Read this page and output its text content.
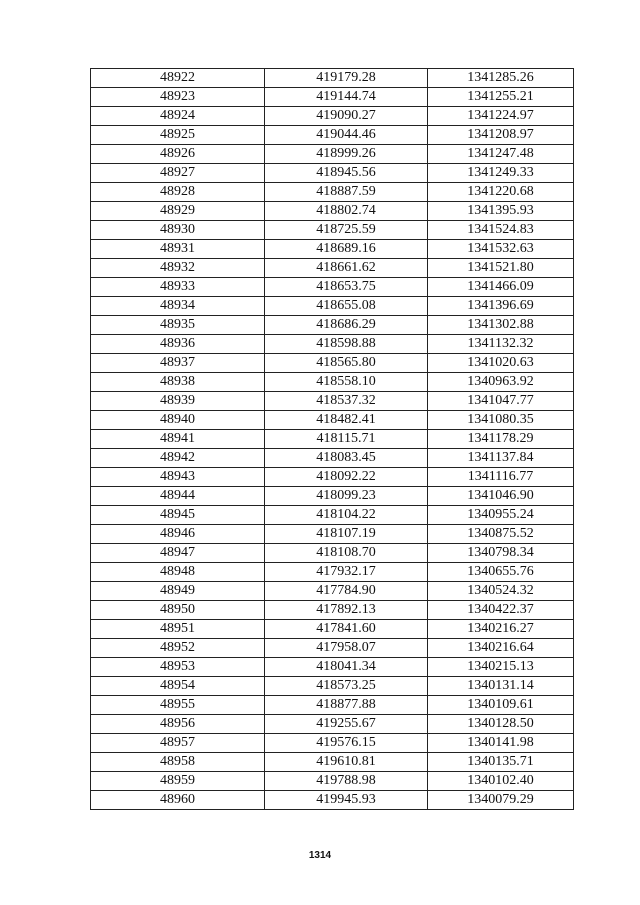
48922	419179.28	1341285.26
48923	419144.74	1341255.21
48924	419090.27	1341224.97
48925	419044.46	1341208.97
48926	418999.26	1341247.48
48927	418945.56	1341249.33
48928	418887.59	1341220.68
48929	418802.74	1341395.93
48930	418725.59	1341524.83
48931	418689.16	1341532.63
48932	418661.62	1341521.80
48933	418653.75	1341466.09
48934	418655.08	1341396.69
48935	418686.29	1341302.88
48936	418598.88	1341132.32
48937	418565.80	1341020.63
48938	418558.10	1340963.92
48939	418537.32	1341047.77
48940	418482.41	1341080.35
48941	418115.71	1341178.29
48942	418083.45	1341137.84
48943	418092.22	1341116.77
48944	418099.23	1341046.90
48945	418104.22	1340955.24
48946	418107.19	1340875.52
48947	418108.70	1340798.34
48948	417932.17	1340655.76
48949	417784.90	1340524.32
48950	417892.13	1340422.37
48951	417841.60	1340216.27
48952	417958.07	1340216.64
48953	418041.34	1340215.13
48954	418573.25	1340131.14
48955	418877.88	1340109.61
48956	419255.67	1340128.50
48957	419576.15	1340141.98
48958	419610.81	1340135.71
48959	419788.98	1340102.40
48960	419945.93	1340079.29
1314
